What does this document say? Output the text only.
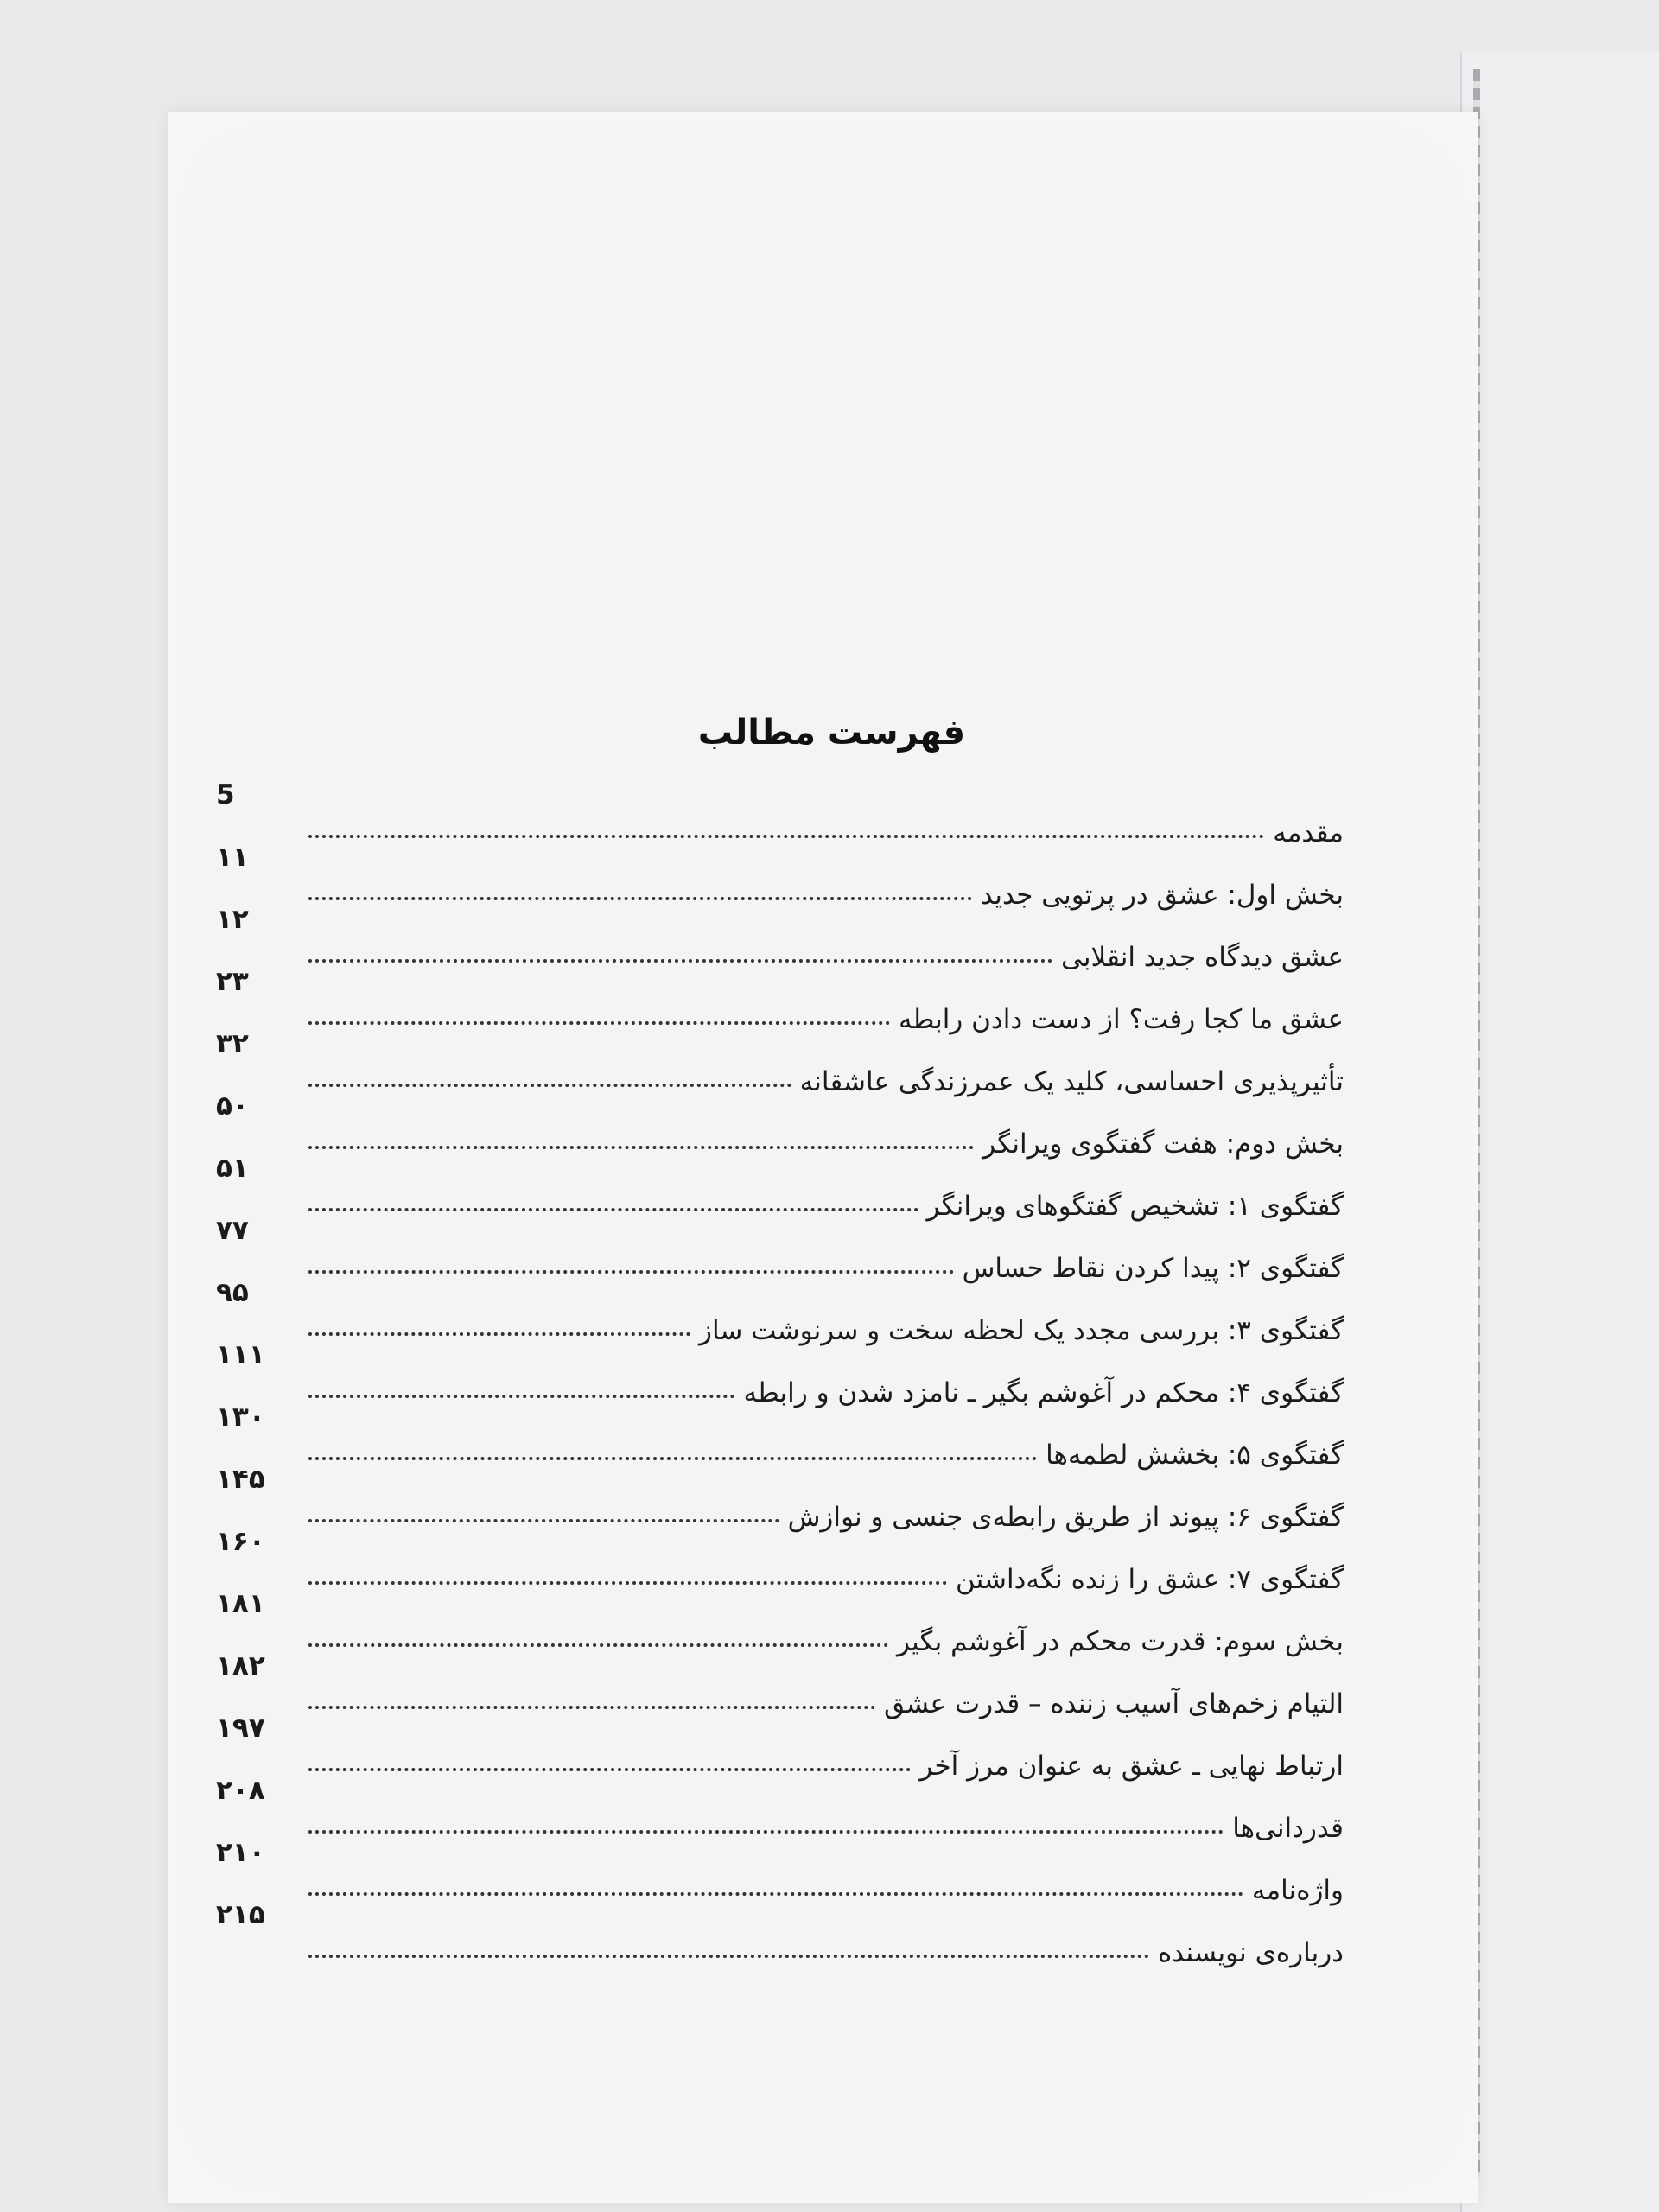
فهرست مطالب
مقدمه
5
بخش اول: عشق در پرتویی جدید
۱۱
عشق دیدگاه جدید انقلابی
۱۲
عشق ما کجا رفت؟ از دست دادن رابطه
۲۳
تأثیرپذیری احساسی، کلید یک عمرزندگی عاشقانه
۳۲
بخش دوم: هفت گفتگوی ویرانگر
۵۰
گفتگوی ۱: تشخیص گفتگوهای ویرانگر
۵۱
گفتگوی ۲: پیدا کردن نقاط حساس
۷۷
گفتگوی ۳: بررسی مجدد یک لحظه سخت و سرنوشت ساز
۹۵
گفتگوی ۴: محکم در آغوشم بگیر ـ نامزد شدن و رابطه
۱۱۱
گفتگوی ۵: بخشش لطمه‌ها
۱۳۰
گفتگوی ۶: پیوند از طریق رابطه‌ی جنسی و نوازش
۱۴۵
گفتگوی ۷: عشق را زنده نگه‌داشتن
۱۶۰
بخش سوم: قدرت محکم در آغوشم بگیر
۱۸۱
التیام زخم‌های آسیب زننده – قدرت عشق
۱۸۲
ارتباط نهایی ـ عشق به عنوان مرز آخر
۱۹۷
قدردانی‌ها
۲۰۸
واژه‌نامه
۲۱۰
درباره‌ی نویسنده
۲۱۵
